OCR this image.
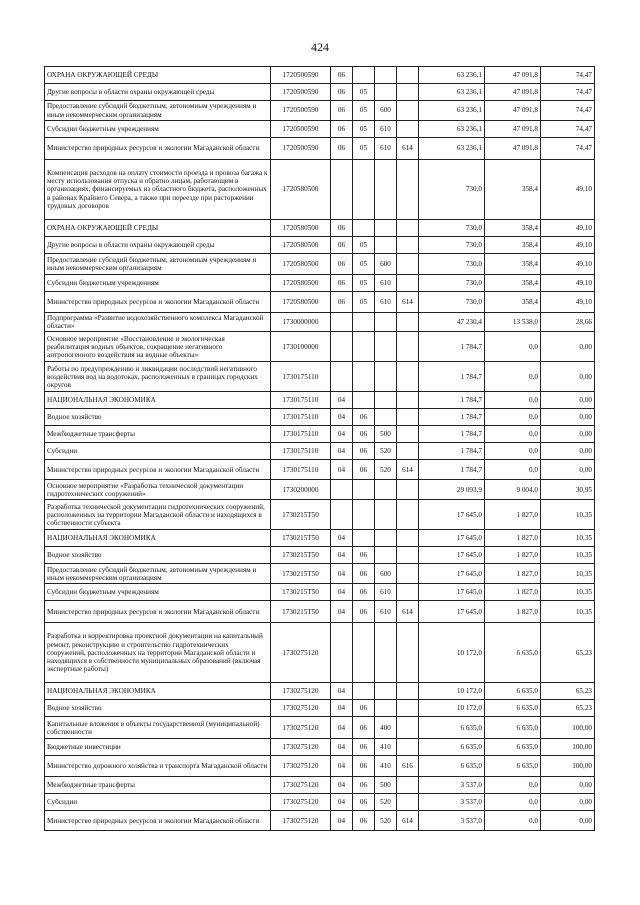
424
ОХРАНА ОКРУЖАЮЩЕЙ СРЕДЫ	1720500590	06				63 236,1	47 091,8	74,47
Другие вопросы в области охраны окружающей среды	1720500590	06	05			63 236,1	47 091,8	74,47
Предоставление субсидий бюджетным, автономным учреждениям и иным некоммерческим организациям	1720500590	06	05	600		63 236,1	47 091,8	74,47
Субсидии бюджетным учреждениям	1720500590	06	05	610		63 236,1	47 091,8	74,47
Министерство природных ресурсов и экологии Магаданской области	1720500590	06	05	610	614	63 236,1	47 091,8	74,47
Компенсация расходов на оплату стоимости проезда и провоза багажа к месту использования отпуска и обратно лицам, работающим в организациях, финансируемых из областного бюджета, расположенных в районах Крайнего Севера, а также при переезде при расторжении трудовых договоров	1720580500					730,0	358,4	49,10
ОХРАНА ОКРУЖАЮЩЕЙ СРЕДЫ	1720580500	06				730,0	358,4	49,10
Другие вопросы в области охраны окружающей среды	1720580500	06	05			730,0	358,4	49,10
Предоставление субсидий бюджетным, автономным учреждениям и иным некоммерческим организациям	1720580500	06	05	600		730,0	358,4	49,10
Субсидии бюджетным учреждениям	1720580500	06	05	610		730,0	358,4	49,10
Министерство природных ресурсов и экологии Магаданской области	1720580500	06	05	610	614	730,0	358,4	49,10
Подпрограмма «Развитие водохозяйственного комплекса Магаданской области»	1730000000					47 230,4	13 538,0	28,66
Основное мероприятие «Восстановление и экологическая реабилитация водных объектов, сокращение негативного антропогенного воздействия на водные объекты»	1730100000					1 784,7	0,0	0,00
Работы по предупреждению и ликвидации последствий негативного воздействия вод на водотоках, расположенных в границах городских округов	1730175110					1 784,7	0,0	0,00
НАЦИОНАЛЬНАЯ ЭКОНОМИКА	1730175110	04				1 784,7	0,0	0,00
Водное хозяйство	1730175110	04	06			1 784,7	0,0	0,00
Межбюджетные трансферты	1730175110	04	06	500		1 784,7	0,0	0,00
Субсидии	1730175110	04	06	520		1 784,7	0,0	0,00
Министерство природных ресурсов и экологии Магаданской области	1730175110	04	06	520	614	1 784,7	0,0	0,00
Основное мероприятие «Разработка технической документации гидротехнических сооружений»	1730200000					29 093,9	9 004,0	30,95
Разработка технической документации гидротехнических сооружений, расположенных на территории Магаданской области и находящихся в собственности субъекта	1730215Т50					17 645,0	1 827,0	10,35
НАЦИОНАЛЬНАЯ ЭКОНОМИКА	1730215Т50	04				17 645,0	1 827,0	10,35
Водное хозяйство	1730215Т50	04	06			17 645,0	1 827,0	10,35
Предоставление субсидий бюджетным, автономным учреждениям и иным некоммерческим организациям	1730215Т50	04	06	600		17 645,0	1 827,0	10,35
Субсидии бюджетным учреждениям	1730215Т50	04	06	610		17 645,0	1 827,0	10,35
Министерство природных ресурсов и экологии Магаданской области	1730215Т50	04	06	610	614	17 645,0	1 827,0	10,35
Разработка и корректировка проектной документации на капитальный ремонт, реконструкцию и строительство гидротехнических сооружений, расположенных на территории Магаданской области и находящихся в собственности муниципальных образований (включая экспертные работы)	1730275120					10 172,0	6 635,0	65,23
НАЦИОНАЛЬНАЯ ЭКОНОМИКА	1730275120	04				10 172,0	6 635,0	65,23
Водное хозяйство	1730275120	04	06			10 172,0	6 635,0	65,23
Капитальные вложения в объекты государственной (муниципальной) собственности	1730275120	04	06	400		6 635,0	6 635,0	100,00
Бюджетные инвестиции	1730275120	04	06	410		6 635,0	6 635,0	100,00
Министерство дорожного хозяйства и транспорта Магаданской области	1730275120	04	06	410	616	6 635,0	6 635,0	100,00
Межбюджетные трансферты	1730275120	04	06	500		3 537,0	0,0	0,00
Субсидии	1730275120	04	06	520		3 537,0	0,0	0,00
Министерство природных ресурсов и экологии Магаданской области	1730275120	04	06	520	614	3 537,0	0,0	0,00
